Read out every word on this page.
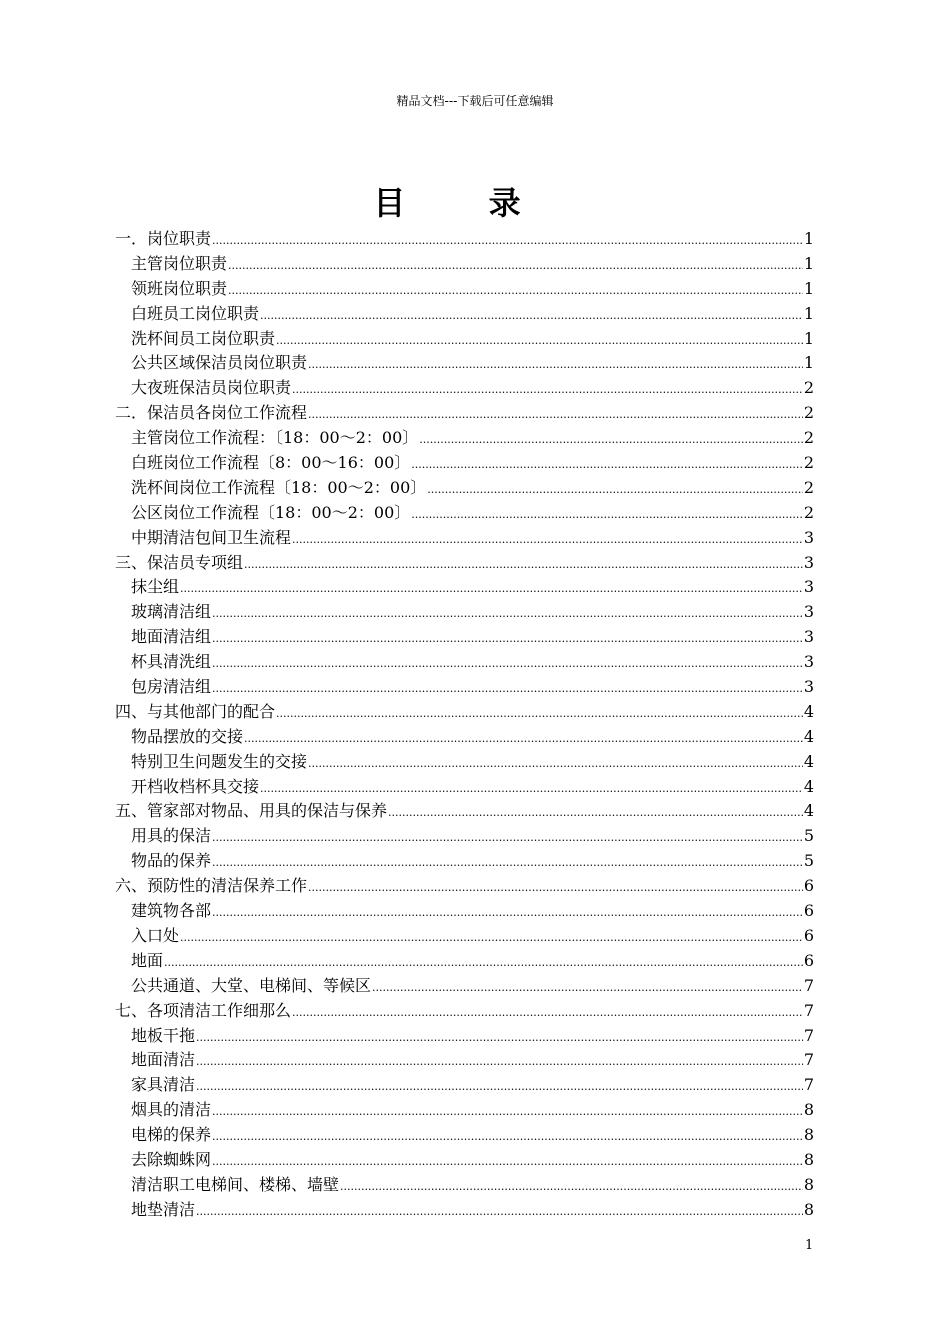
精品文档---下载后可任意编辑
目 录
一．岗位职责 .....	1
主管岗位职责 .....	1
领班岗位职责 .....	1
白班员工岗位职责 .....	1
洗杯间员工岗位职责 .....	1
公共区域保洁员岗位职责 .....	1
大夜班保洁员岗位职责 .....	2
二．保洁员各岗位工作流程 .....	2
主管岗位工作流程：〔18：00～2：00〕 .....	2
白班岗位工作流程〔8：00～16：00〕 .....	2
洗杯间岗位工作流程〔18：00～2：00〕 .....	2
公区岗位工作流程〔18：00～2：00〕 .....	2
中期清洁包间卫生流程 .....	3
三、保洁员专项组 .....	3
抹尘组 .....	3
玻璃清洁组 .....	3
地面清洁组 .....	3
杯具清洗组 .....	3
包房清洁组 .....	3
四、与其他部门的配合 .....	4
物品摆放的交接 .....	4
特别卫生问题发生的交接 .....	4
开档收档杯具交接 .....	4
五、管家部对物品、用具的保洁与保养 .....	4
用具的保洁 .....	5
物品的保养 .....	5
六、预防性的清洁保养工作 .....	6
建筑物各部 .....	6
入口处 .....	6
地面 .....	6
公共通道、大堂、电梯间、等候区 .....	7
七、各项清洁工作细那么 .....	7
地板干拖 .....	7
地面清洁 .....	7
家具清洁 .....	7
烟具的清洁 .....	8
电梯的保养 .....	8
去除蜘蛛网 .....	8
清洁职工电梯间、楼梯、墙壁 .....	8
地垫清洁 .....	8
1
